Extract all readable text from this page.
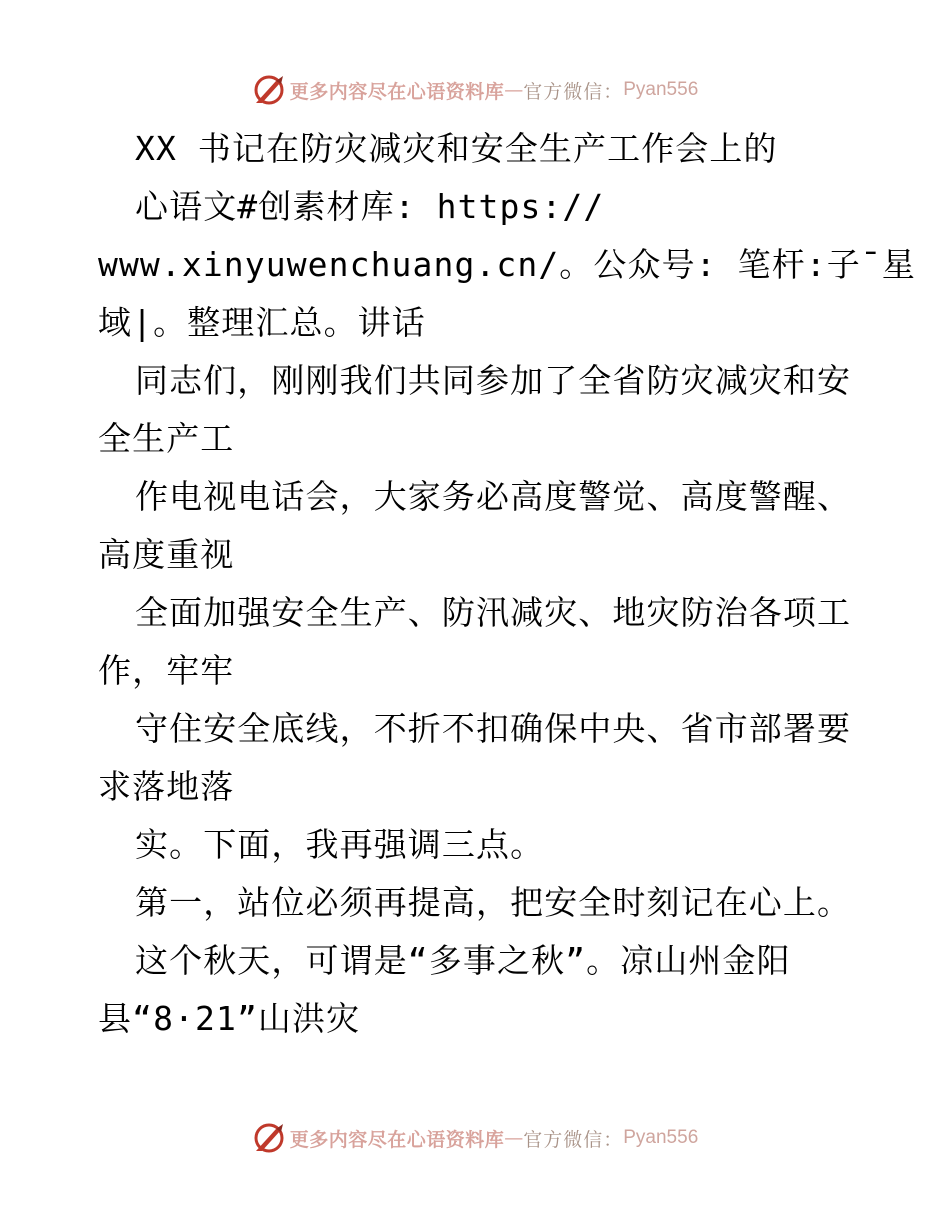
更多内容尽在心语资料库 — 官方微信： Pyan556
XX 书记在防灾减灾和安全生产工作会上的
心语文#创素材库: https://
www.xinyuwenchuang.cn/。公众号: 笔杆:子¯星
域|。整理汇总。讲话
同志们，刚刚我们共同参加了全省防灾减灾和安
全生产工
作电视电话会，大家务必高度警觉、高度警醒、
高度重视
全面加强安全生产、防汛减灾、地灾防治各项工
作，牢牢
守住安全底线，不折不扣确保中央、省市部署要
求落地落
实。下面，我再强调三点。
第一，站位必须再提高，把安全时刻记在心上。
这个秋天，可谓是“多事之秋”。凉山州金阳
县“8·21”山洪灾
更多内容尽在心语资料库 — 官方微信： Pyan556
